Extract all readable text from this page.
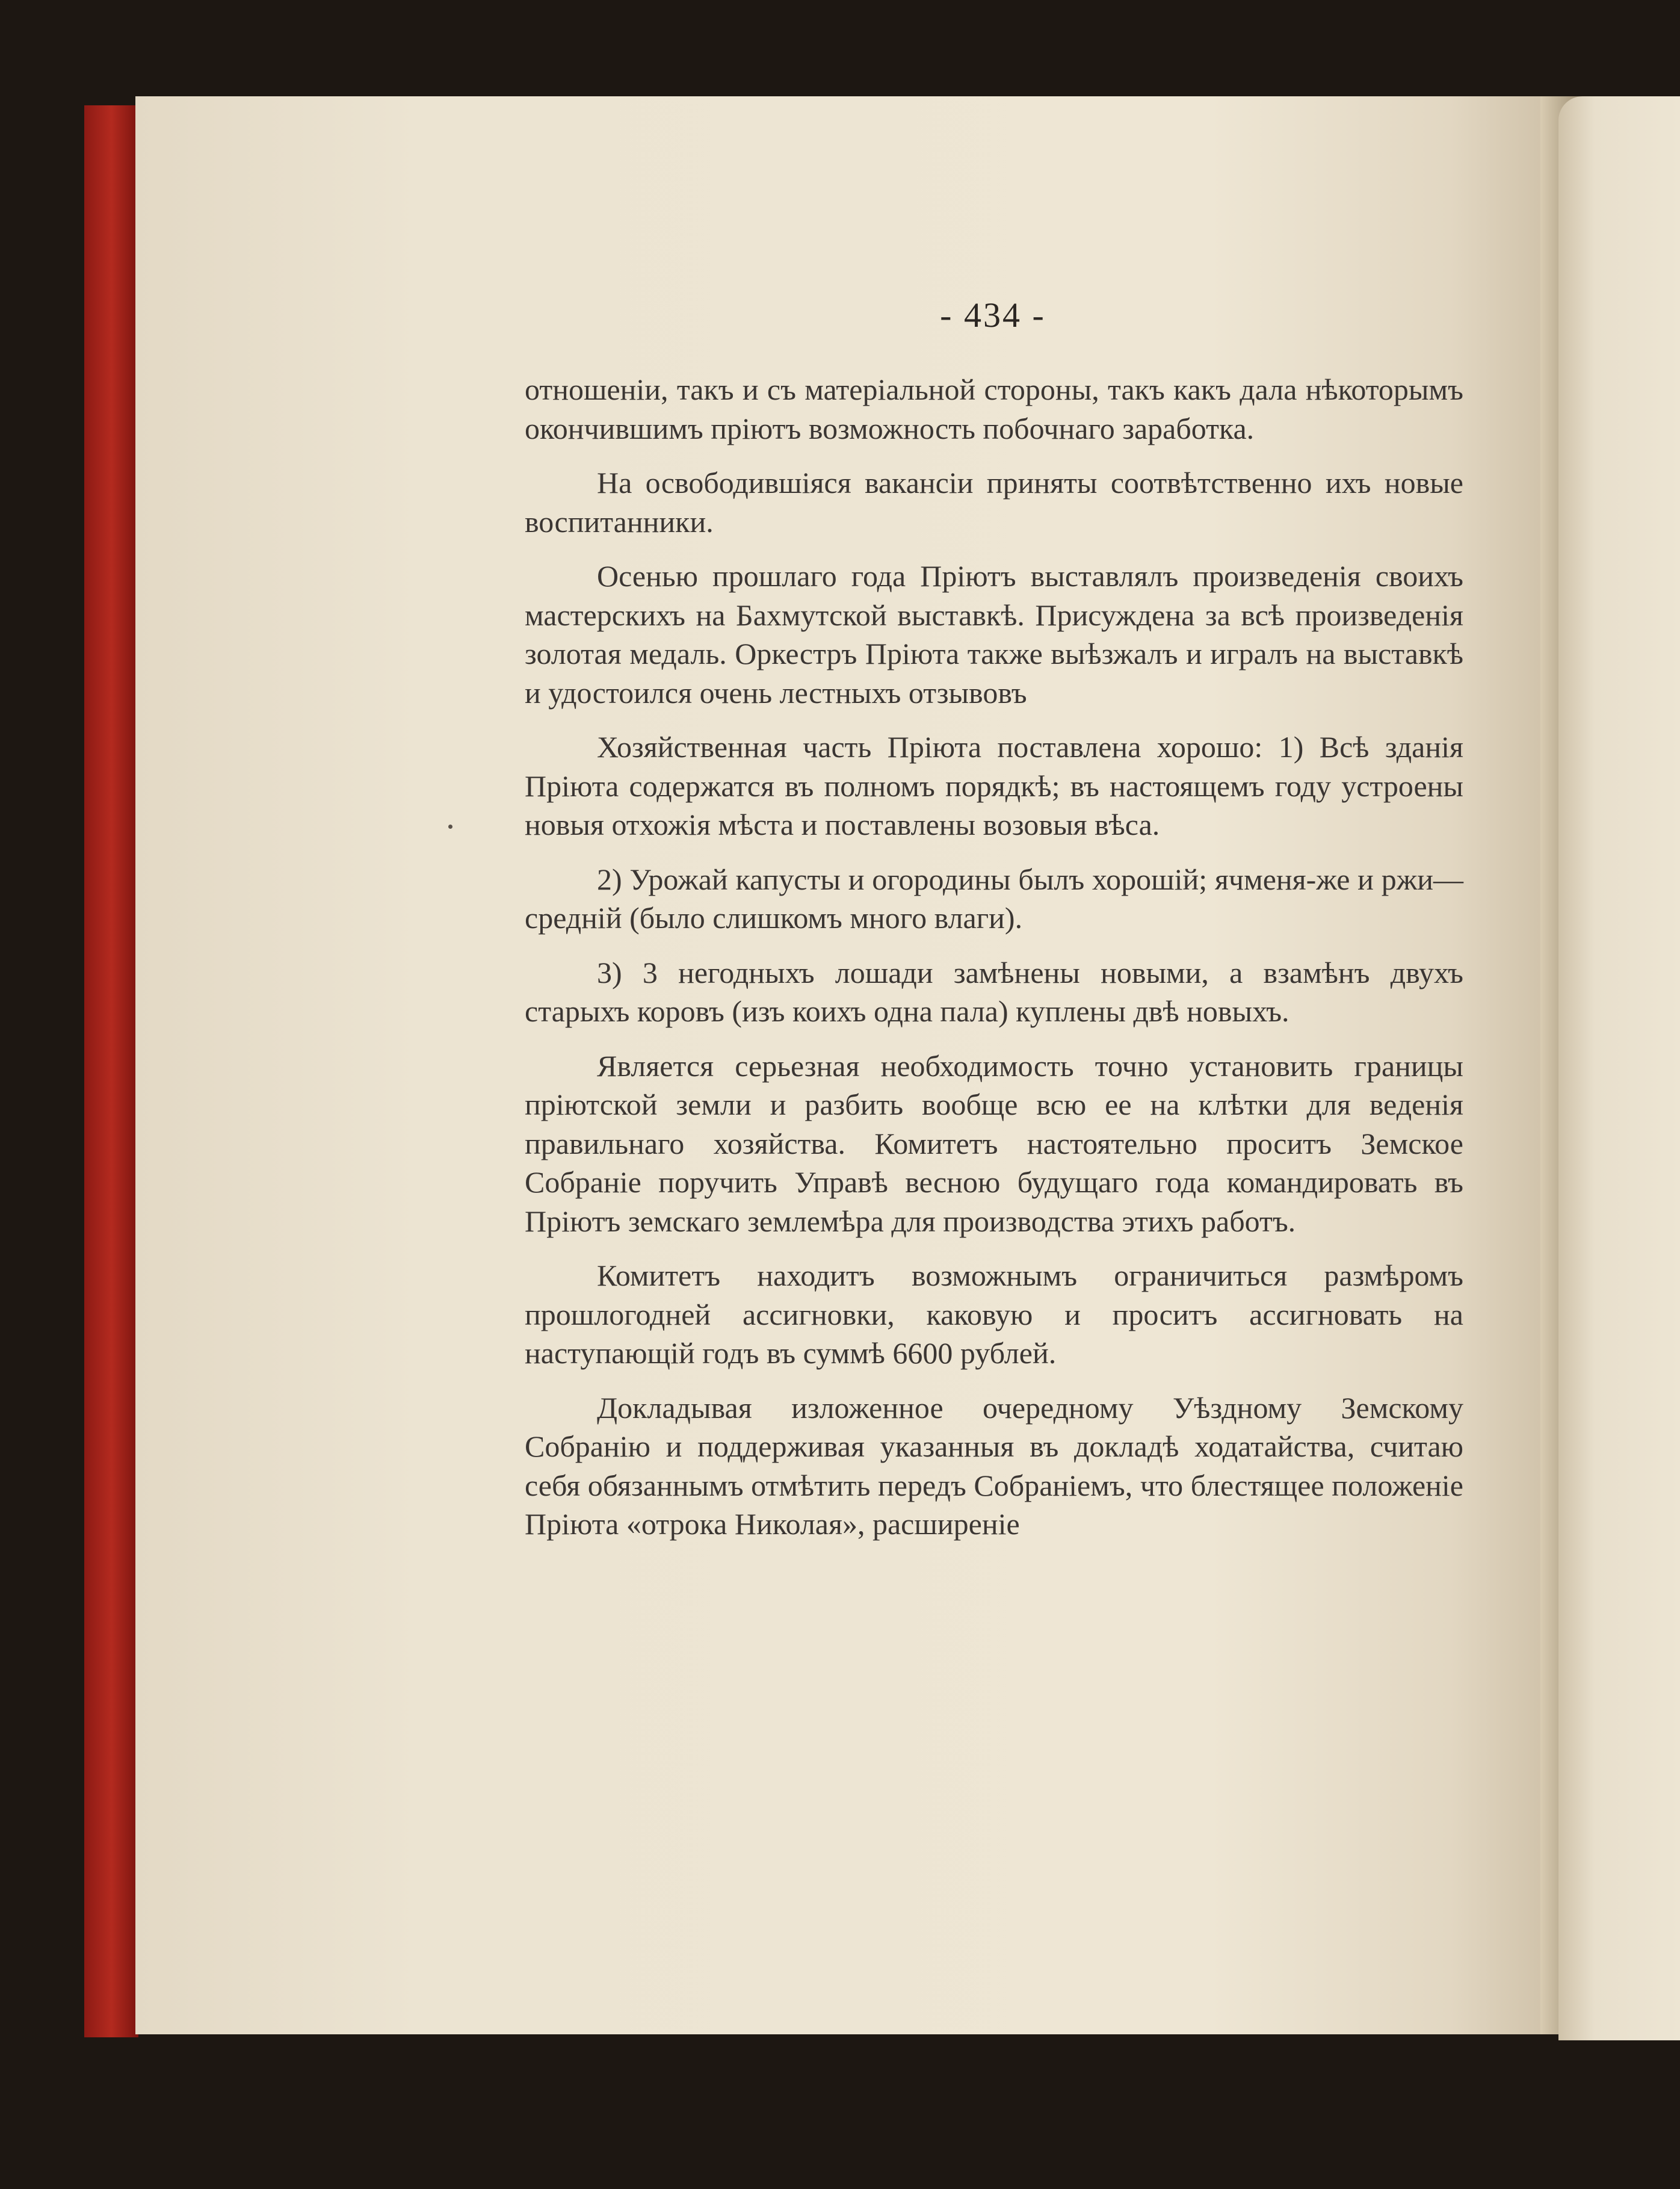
- 434 -

отношенiи, такъ и съ матерiальной стороны, такъ какъ дала нѣкоторымъ окончившимъ прiютъ возможность побочнаго заработка.

На освободившiяся вакансiи приняты соотвѣтственно ихъ новые воспитанники.

Осенью прошлаго года Прiютъ выставлялъ произведенiя своихъ мастерскихъ на Бахмутской выставкѣ. Присуждена за всѣ произведенiя золотая медаль. Оркестръ Прiюта также выѣзжалъ и игралъ на выставкѣ и удостоился очень лестныхъ отзывовъ

Хозяйственная часть Прiюта поставлена хорошо: 1) Всѣ зданiя Прiюта содержатся въ полномъ порядкѣ; въ настоящемъ году устроены новыя отхожiя мѣста и поставлены возовыя вѣса.

2) Урожай капусты и огородины былъ хорошiй; ячменя-же и ржи—среднiй (было слишкомъ много влаги).

3) 3 негодныхъ лошади замѣнены новыми, а взамѣнъ двухъ старыхъ коровъ (изъ коихъ одна пала) куплены двѣ новыхъ.

Является серьезная необходимость точно установить границы прiютской земли и разбить вообще всю ее на клѣтки для веденiя правильнаго хозяйства. Комитетъ настоятельно проситъ Земское Собранiе поручить Управѣ весною будущаго года командировать въ Прiютъ земскаго землемѣра для производства этихъ работъ.

Комитетъ находитъ возможнымъ ограничиться размѣромъ прошлогодней ассигновки, каковую и проситъ ассигновать на наступающiй годъ въ суммѣ 6600 рублей.

Докладывая изложенное очередному Уѣздному Земскому Собранiю и поддерживая указанныя въ докладѣ ходатайства, считаю себя обязаннымъ отмѣтить передъ Собранiемъ, что блестящее положенiе Прiюта «отрока Николая», расширенiе
